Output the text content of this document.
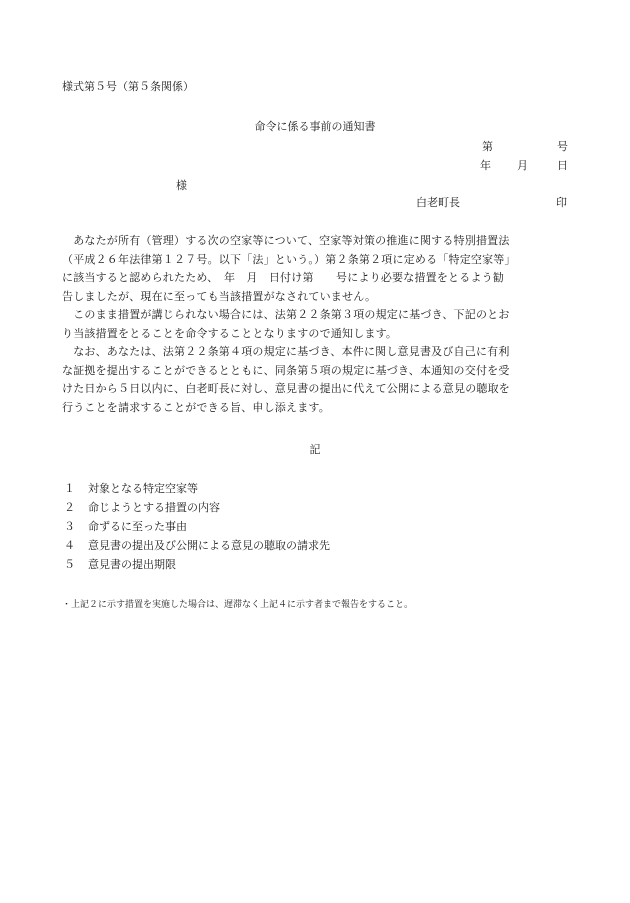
様式第５号（第５条関係）
命令に係る事前の通知書
第	号
年 月	日
様
白老町長	印
　あなたが所有（管理）する次の空家等について、空家等対策の推進に関する特別措置法
（平成２６年法律第１２７号。以下「法」という。）第２条第２項に定める「特定空家等」
に該当すると認められたため、　年　月　日付け第　　号により必要な措置をとるよう勧
告しましたが、現在に至っても当該措置がなされていません。
　このまま措置が講じられない場合には、法第２２条第３項の規定に基づき、下記のとお
り当該措置をとることを命令することとなりますので通知します。
　なお、あなたは、法第２２条第４項の規定に基づき、本件に関し意見書及び自己に有利
な証拠を提出することができるとともに、同条第５項の規定に基づき、本通知の交付を受
けた日から５日以内に、白老町長に対し、意見書の提出に代えて公開による意見の聴取を
行うことを請求することができる旨、申し添えます。
記
１ 対象となる特定空家等
２ 命じようとする措置の内容
３ 命ずるに至った事由
４ 意見書の提出及び公開による意見の聴取の請求先
５ 意見書の提出期限
・上記２に示す措置を実施した場合は、遅滞なく上記４に示す者まで報告をすること。
